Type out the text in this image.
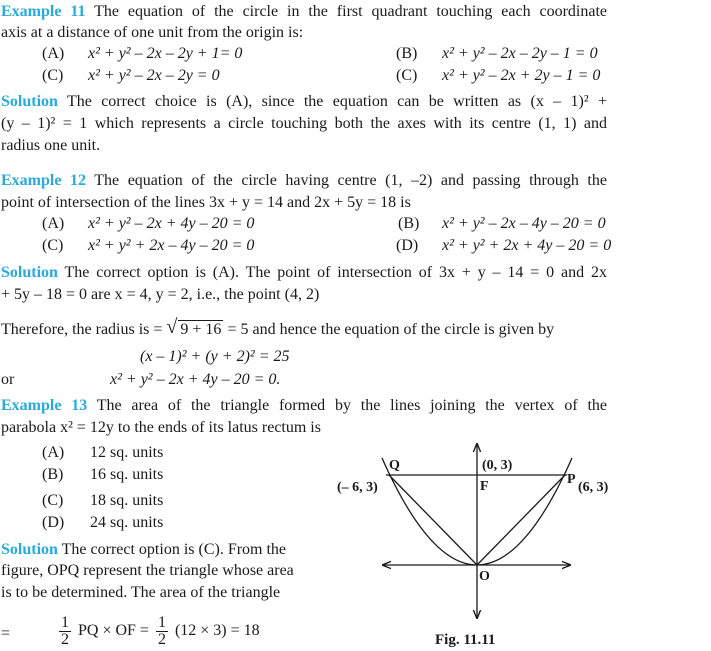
Example 11 The equation of the circle in the first quadrant touching each coordinate
axis at a distance of one unit from the origin is:
(A) x² + y² – 2x – 2y + 1= 0	(B) x² + y² – 2x – 2y – 1 = 0
(C) x² + y² – 2x – 2y = 0	(C) x² + y² – 2x + 2y – 1 = 0
Solution The correct choice is (A), since the equation can be written as (x – 1)² +
(y – 1)² = 1 which represents a circle touching both the axes with its centre (1, 1) and
radius one unit.
Example 12 The equation of the circle having centre (1, –2) and passing through the
point of intersection of the lines 3x + y = 14 and 2x + 5y = 18 is
(A) x² + y² – 2x + 4y – 20 = 0	(B) x² + y² – 2x – 4y – 20 = 0
(C) x² + y² + 2x – 4y – 20 = 0	(D) x² + y² + 2x + 4y – 20 = 0
Solution The correct option is (A). The point of intersection of 3x + y – 14 = 0 and 2x
+ 5y – 18 = 0 are x = 4, y = 2, i.e., the point (4, 2)
Therefore, the radius is = √ 9 + 16 = 5 and hence the equation of the circle is given by
(x – 1)² + (y + 2)² = 25
or	x² + y² – 2x + 4y – 20 = 0.
Example 13 The area of the triangle formed by the lines joining the vertex of the
parabola x² = 12y to the ends of its latus rectum is
(A) 12 sq. units
(B) 16 sq. units
(C) 18 sq. units
(D) 24 sq. units
Solution The correct option is (C). From the
figure, OPQ represent the triangle whose area
is to be determined. The area of the triangle
=	$\frac{1}{2}$ PQ × OF = $\frac{1}{2} (12 \times 3) = 18$
Q	(0, 3)
P
(6, 3)
(– 6, 3)	F
O
Fig. 11.11
